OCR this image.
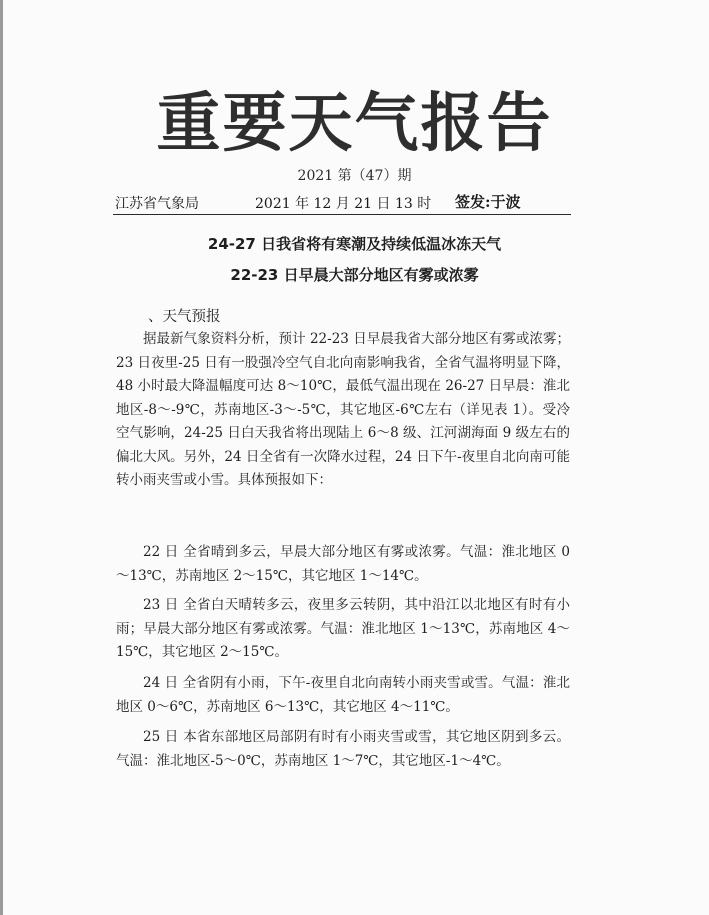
重要天气报告
2021 第（47）期
江苏省气象局	2021 年 12 月 21 日 13 时 签发:于波
24-27 日我省将有寒潮及持续低温冰冻天气
22-23 日早晨大部分地区有雾或浓雾
、天气预报
据最新气象资料分析，预计 22-23 日早晨我省大部分地区有雾或浓雾；23 日夜里-25 日有一股强冷空气自北向南影响我省，全省气温将明显下降，48 小时最大降温幅度可达 8～10℃，最低气温出现在 26-27 日早晨：淮北地区-8～-9℃，苏南地区-3～-5℃，其它地区-6℃左右（详见表 1）。受冷空气影响，24-25 日白天我省将出现陆上 6～8 级、江河湖海面 9 级左右的偏北大风。另外，24 日全省有一次降水过程，24 日下午-夜里自北向南可能转小雨夹雪或小雪。具体预报如下：
22 日 全省晴到多云，早晨大部分地区有雾或浓雾。气温：淮北地区 0～13℃，苏南地区 2～15℃，其它地区 1～14℃。
23 日 全省白天晴转多云，夜里多云转阴，其中沿江以北地区有时有小雨；早晨大部分地区有雾或浓雾。气温：淮北地区 1～13℃，苏南地区 4～15℃，其它地区 2～15℃。
24 日 全省阴有小雨，下午-夜里自北向南转小雨夹雪或雪。气温：淮北地区 0～6℃，苏南地区 6～13℃，其它地区 4～11℃。
25 日 本省东部地区局部阴有时有小雨夹雪或雪，其它地区阴到多云。气温：淮北地区-5～0℃，苏南地区 1～7℃，其它地区-1～4℃。
